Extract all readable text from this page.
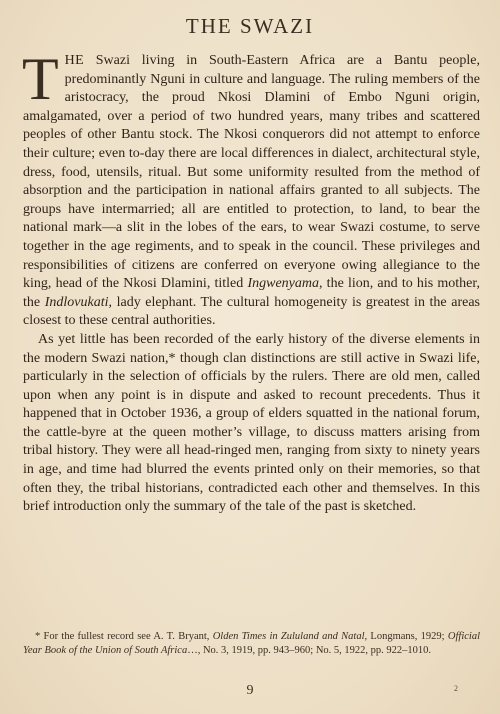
THE SWAZI

THE Swazi living in South-Eastern Africa are a Bantu people, predominantly Nguni in culture and language. The ruling members of the aristocracy, the proud Nkosi Dlamini of Embo Nguni origin, amalgamated, over a period of two hundred years, many tribes and scattered peoples of other Bantu stock. The Nkosi conquerors did not attempt to enforce their culture; even to-day there are local differences in dialect, architectural style, dress, food, utensils, ritual. But some uniformity resulted from the method of absorption and the participation in national affairs granted to all subjects. The groups have intermarried; all are entitled to protection, to land, to bear the national mark—a slit in the lobes of the ears, to wear Swazi costume, to serve together in the age regiments, and to speak in the council. These privileges and responsibilities of citizens are conferred on everyone owing allegiance to the king, head of the Nkosi Dlamini, titled Ingwenyama, the lion, and to his mother, the Indlovukati, lady elephant. The cultural homogeneity is greatest in the areas closest to these central authorities.

As yet little has been recorded of the early history of the diverse elements in the modern Swazi nation,* though clan distinctions are still active in Swazi life, particularly in the selection of officials by the rulers. There are old men, called upon when any point is in dispute and asked to recount precedents. Thus it happened that in October 1936, a group of elders squatted in the national forum, the cattle-byre at the queen mother’s village, to discuss matters arising from tribal history. They were all head-ringed men, ranging from sixty to ninety years in age, and time had blurred the events printed only on their memories, so that often they, the tribal historians, contradicted each other and themselves. In this brief introduction only the summary of the tale of the past is sketched.

* For the fullest record see A. T. Bryant, Olden Times in Zululand and Natal, Longmans, 1929; Official Year Book of the Union of South Africa…, No. 3, 1919, pp. 943–960; No. 5, 1922, pp. 922–1010.

9	2
